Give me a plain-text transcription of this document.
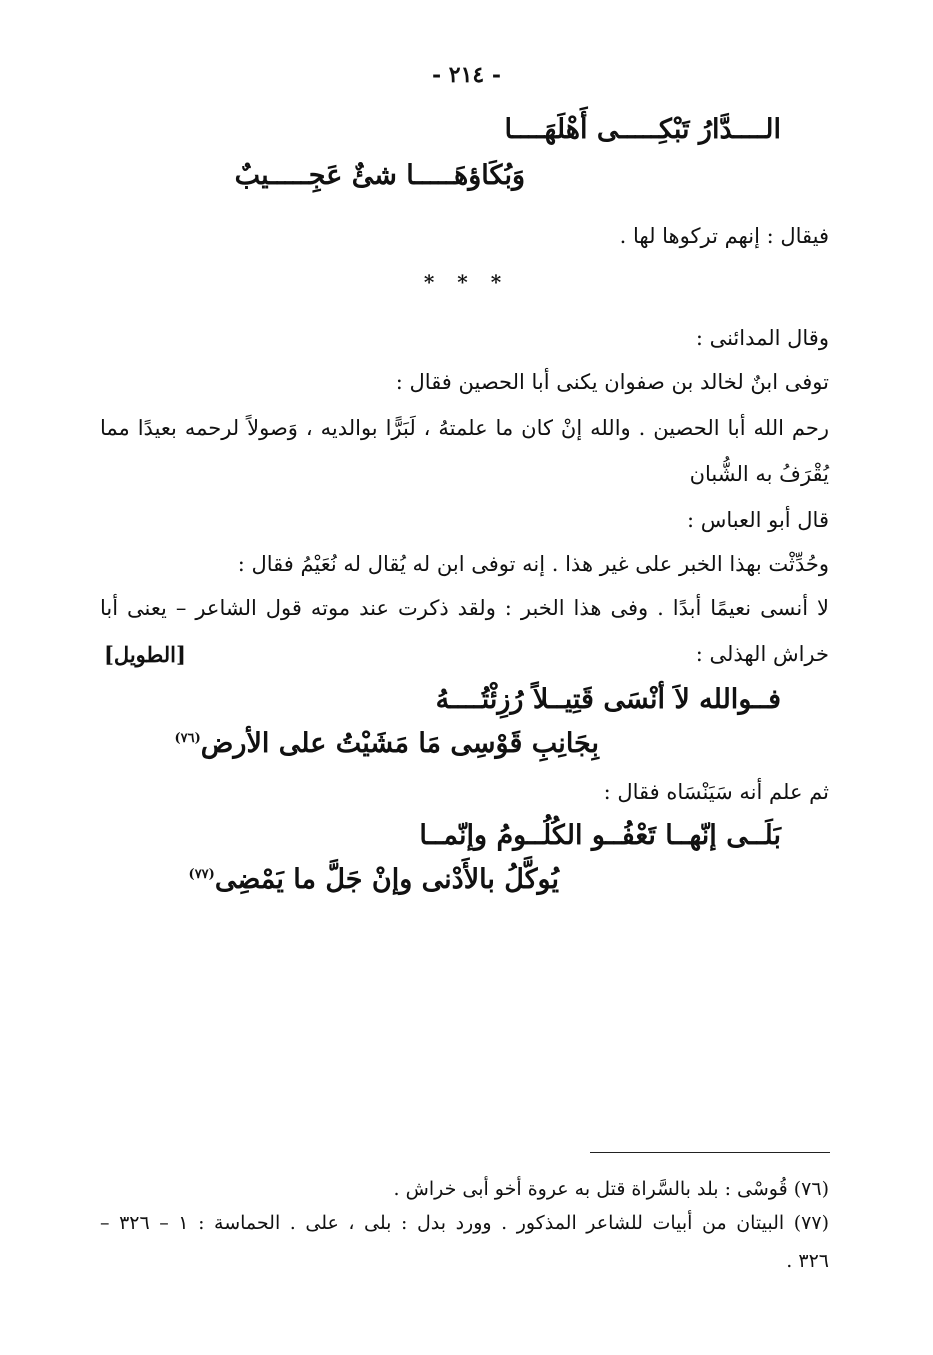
- ٢١٤ -
الــــدَّارُ تَبْكِـــــى أَهْلَهَــــا
وَبُكَاؤهَـــــا شئٌ عَجِـــــيبٌ
فيقال : إنهم تركوها لها .
* * *
وقال المدائنى :
توفى ابنٌ لخالد بن صفوان يكنى أبا الحصين فقال :
رحم الله أبا الحصين . والله إنْ كان ما علمتهُ ، لَبَرًّا بوالديه ، وَصولاً لرحمه بعيدًا مما
يُقْرَفُ به الشُّبان
قال أبو العباس :
وحُدِّثْت بهذا الخبر على غير هذا . إنه توفى ابن له يُقال له نُعَيْمُ فقال :
لا أنسى نعيمًا أبدًا . وفى هذا الخبر : ولقد ذكرت عند موته قول الشاعر – يعنى أبا
خراش الهذلى :
[الطويل]
فــوالله لاَ أنْسَى قَتِيــلاً رُزِئْتُــــهُ
بِجَانِبِ قَوْسِى مَا مَشَيْتُ على الأرض$^{(٧٦)}$
ثم علم أنه سَيَنْسَاه فقال :
بَلَــى إنّهــا تَعْفُــو الكُلُــومُ وإنّمــا
يُوكَّلُ بالأَدْنى وإنْ جَلَّ ما يَمْضِى$^{(٧٧)}$
(٧٦) قُوسْى : بلد بالسَّراة قتل به عروة أخو أبى خراش .
(٧٧) البيتان من أبيات للشاعر المذكور . وورد بدل : بلى ، على . الحماسة : ١ – ٣٢٦ –
٣٢٦ .
